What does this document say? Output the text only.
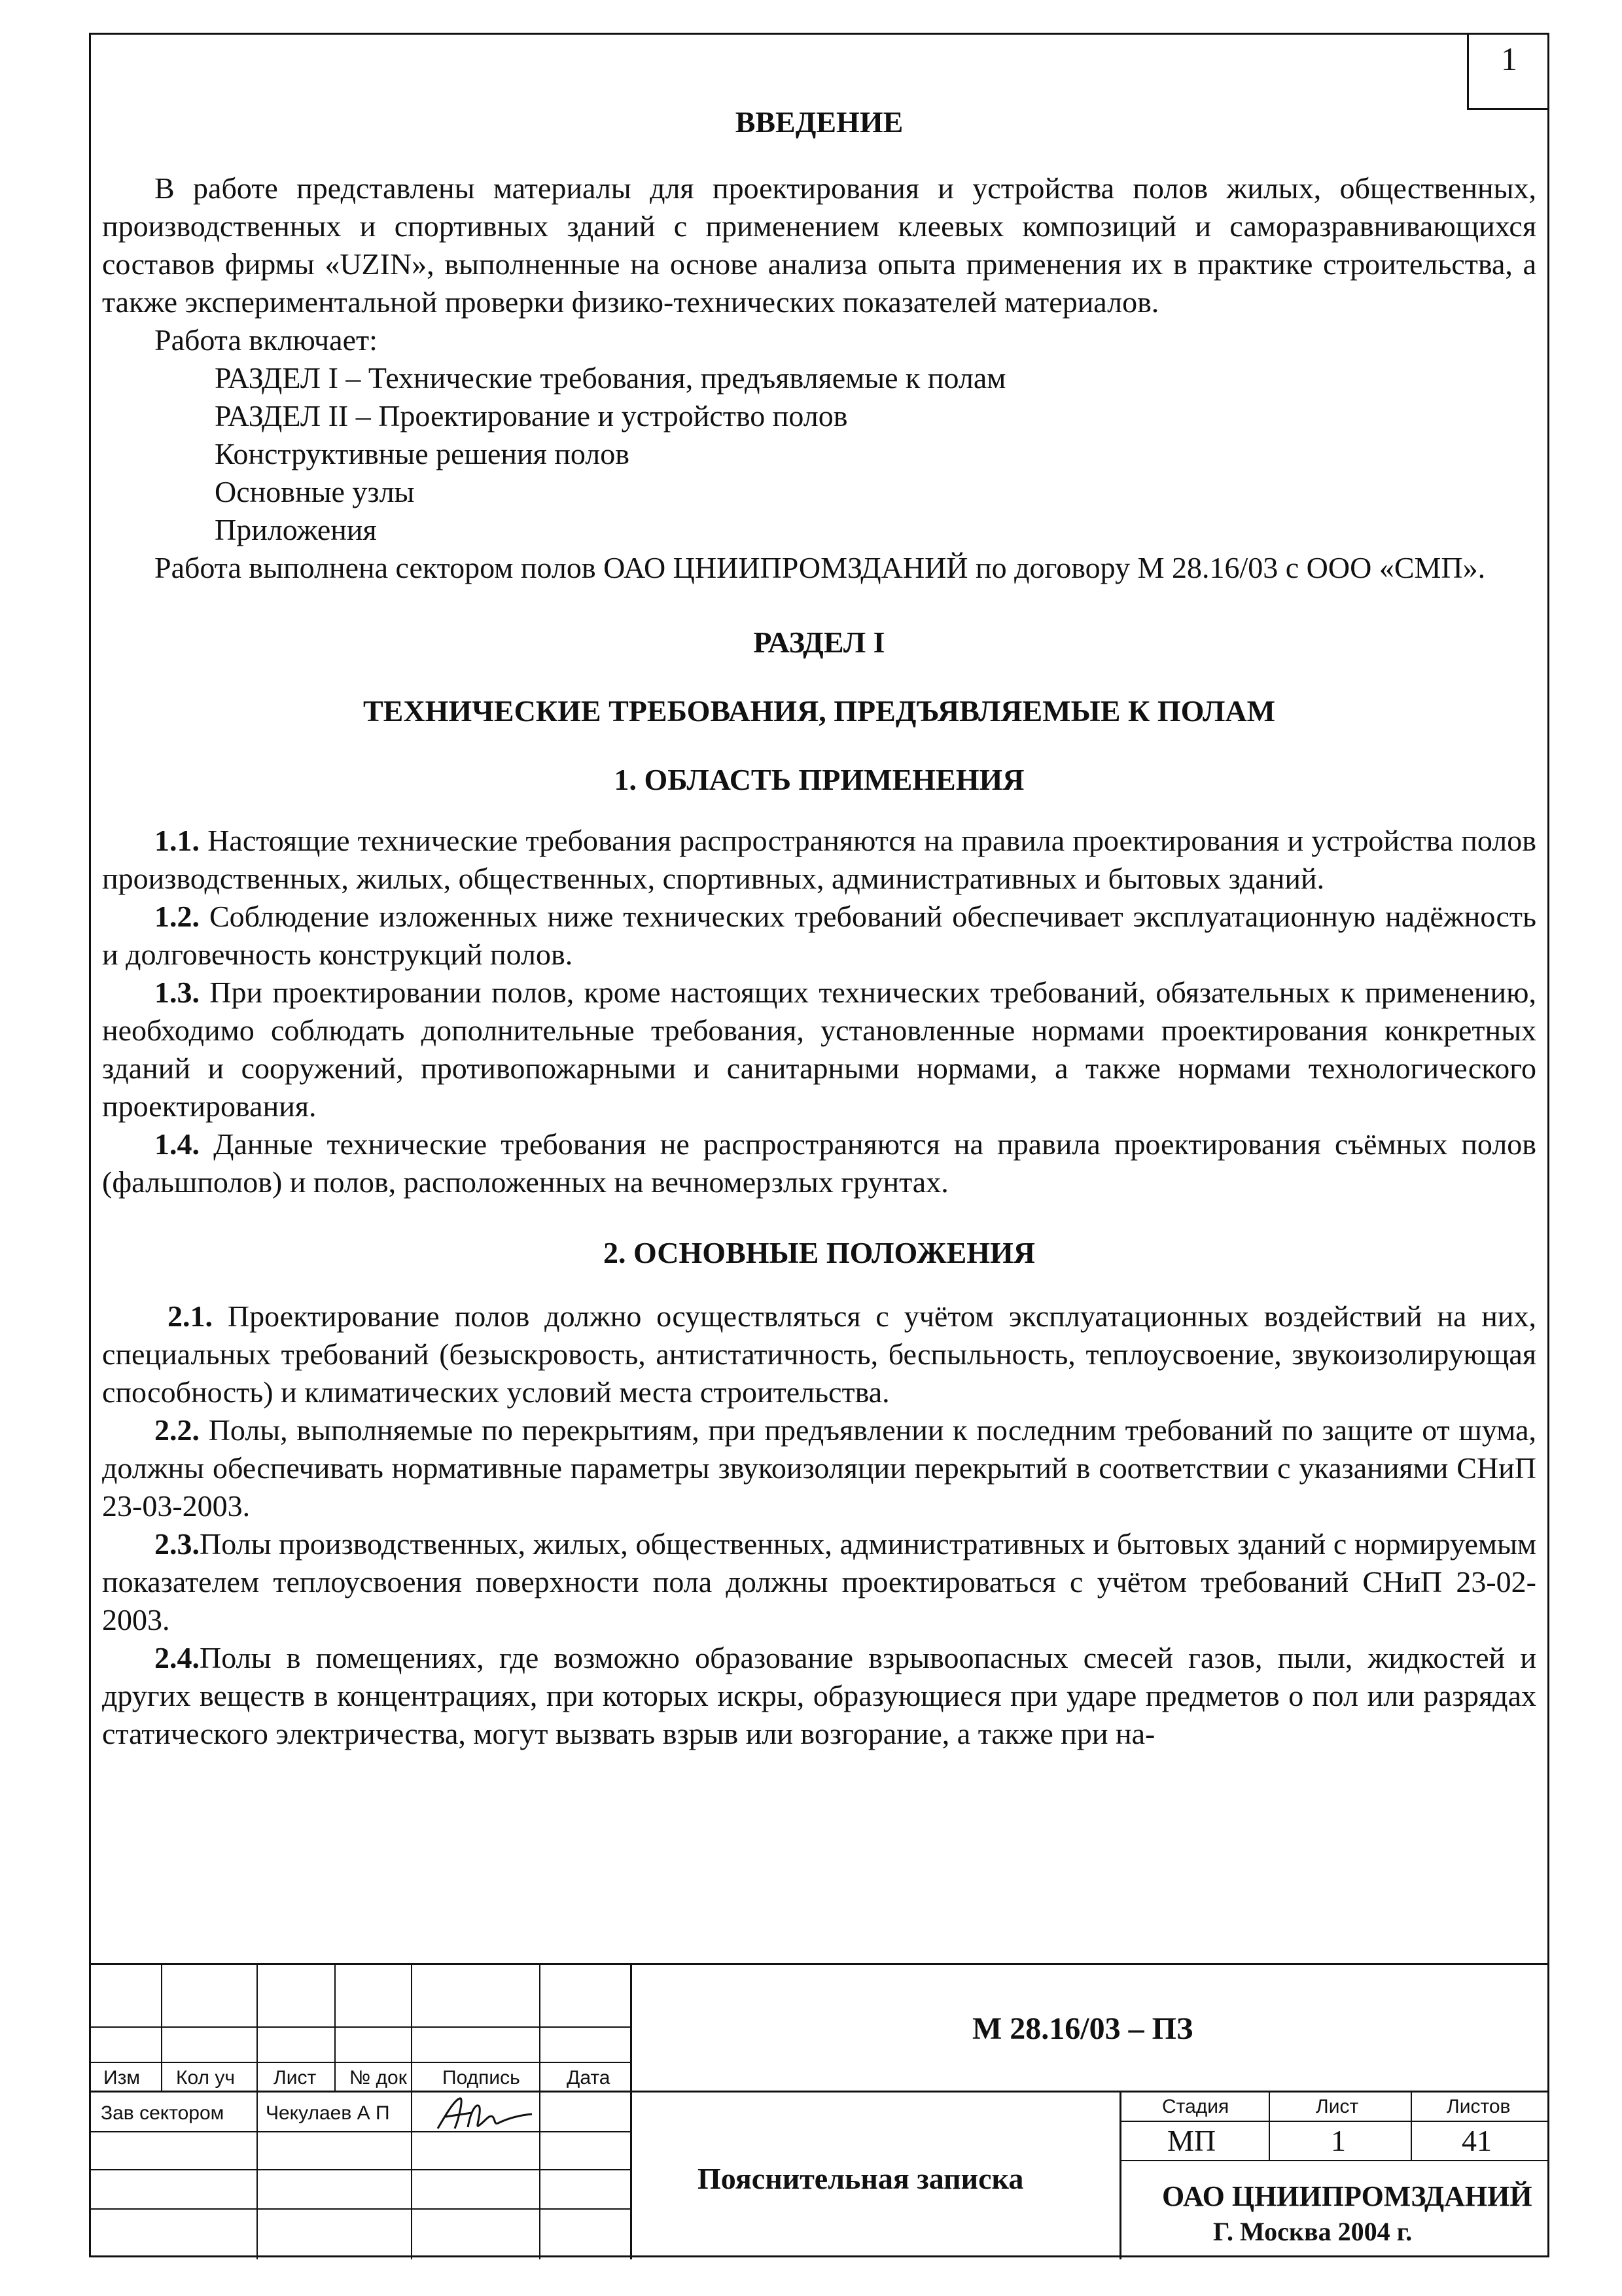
1
ВВЕДЕНИЕ

В работе представлены материалы для проектирования и устройства полов жилых, общественных, производственных и спортивных зданий с применением клеевых композиций и саморазравнивающихся составов фирмы «UZIN», выполненные на основе анализа опыта применения их в практике строительства, а также экспериментальной проверки физико-технических показателей материалов.

Работа включает:

РАЗДЕЛ I – Технические требования, предъявляемые к полам
РАЗДЕЛ II – Проектирование и устройство полов
Конструктивные решения полов
Основные узлы
Приложения

Работа выполнена сектором полов ОАО ЦНИИПРОМЗДАНИЙ по договору М 28.16/03 с ООО «СМП».

РАЗДЕЛ I
ТЕХНИЧЕСКИЕ ТРЕБОВАНИЯ, ПРЕДЪЯВЛЯЕМЫЕ К ПОЛАМ
1. ОБЛАСТЬ ПРИМЕНЕНИЯ

1.1. Настоящие технические требования распространяются на правила проектирования и устройства полов производственных, жилых, общественных, спортивных, административных и бытовых зданий.

1.2. Соблюдение изложенных ниже технических требований обеспечивает эксплуатационную надёжность и долговечность конструкций полов.

1.3. При проектировании полов, кроме настоящих технических требований, обязательных к применению, необходимо соблюдать дополнительные требования, установленные нормами проектирования конкретных зданий и сооружений, противопожарными и санитарными нормами, а также нормами технологического проектирования.

1.4. Данные технические требования не распространяются на правила проектирования съёмных полов (фальшполов) и полов, расположенных на вечномерзлых грунтах.

2. ОСНОВНЫЕ ПОЛОЖЕНИЯ

2.1. Проектирование полов должно осуществляться с учётом эксплуатационных воздействий на них, специальных требований (безыскровость, антистатичность, беспыльность, теплоусвоение, звукоизолирующая способность) и климатических условий места строительства.

2.2. Полы, выполняемые по перекрытиям, при предъявлении к последним требований по защите от шума, должны обеспечивать нормативные параметры звукоизоляции перекрытий в соответствии с указаниями СНиП 23-03-2003.

2.3.Полы производственных, жилых, общественных, административных и бытовых зданий с нормируемым показателем теплоусвоения поверхности пола должны проектироваться с учётом требований СНиП 23-02-2003.

2.4.Полы в помещениях, где возможно образование взрывоопасных смесей газов, пыли, жидкостей и других веществ в концентрациях, при которых искры, образующиеся при ударе предметов о пол или разрядах статического электричества, могут вызвать взрыв или возгорание, а также при на-

Изм Кол уч Лист № док Подпись Дата
Зав сектором Чекулаев А П
М 28.16/03 – ПЗ
Пояснительная записка
Стадия	Лист	Листов
МП	1	41
ОАО ЦНИИПРОМЗДАНИЙ
Г. Москва 2004 г.
